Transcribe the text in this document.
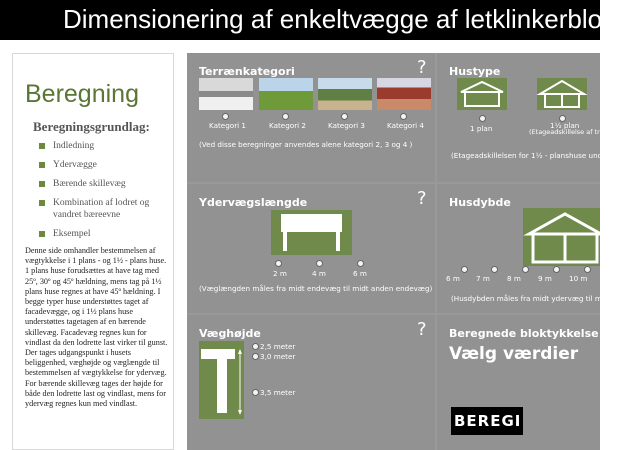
Dimensionering af enkeltvægge af letklinkerblo
Beregning
Beregningsgrundlag:
Indledning
Ydervægge
Bærende skillevæg
Kombination af lodret og vandret bæreevne
Eksempel

Denne side omhandler bestemmelsen af vægtykkelse i 1 plans - og 1½ - plans huse.

1 plans huse forudsættes at have tag med 25º, 30º og 45º hældning, mens tag på 1½ plans huse regnes at have 45º hældning. I begge typer huse understøttes taget af facadevægge, og i 1½ plans huse understøttes tagetagen af en bærende skillevæg. Facadevæg regnes kun for vindlast da den lodrette last virker til gunst. Der tages udgangspunkt i husets beliggenhed, væghøjde og væglængde til bestemmelsen af vægtykkelse for ydervæg.

For bærende skillevæg tages der højde for både den lodrette last og vindlast, mens for ydervæg regnes kun med vindlast.

Terrænkategori	?
Kategori 1	Kategori 2	Kategori 3	Kategori 4
(Ved disse beregninger anvendes alene kategori 2, 3 og 4 )
Hustype
1 plan	1½ plan
(Etageadskillelse af træbjælkelag)
(Etageadskillelsen for 1½ - planshuse und
Ydervægslængde	?
2 m	4 m	6 m
(Væglængden måles fra midt endevæg til midt anden endevæg)
Husdybde
6 m 7 m 8 m 9 m 10 m
(Husdybden måles fra midt ydervæg til m
Væghøjde	?
2,5 meter
3,0 meter
3,5 meter
Beregnede bloktykkelse
Vælg værdier
BEREGI
